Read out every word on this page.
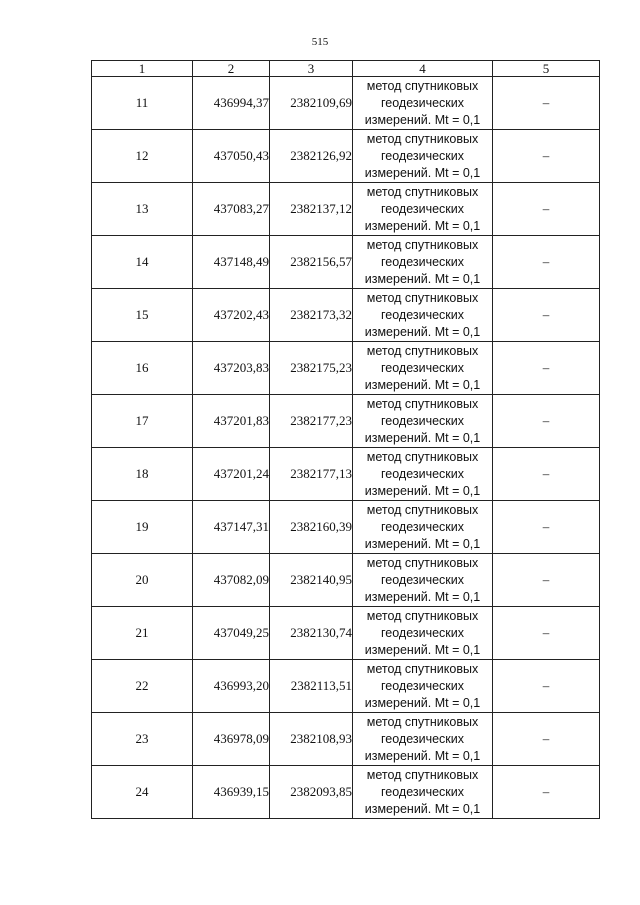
515
1	2	3	4	5
11	436994,37	2382109,69	метод спутниковых
геодезических
измерений. Mt = 0,1	–
12	437050,43	2382126,92	метод спутниковых
геодезических
измерений. Mt = 0,1	–
13	437083,27	2382137,12	метод спутниковых
геодезических
измерений. Mt = 0,1	–
14	437148,49	2382156,57	метод спутниковых
геодезических
измерений. Mt = 0,1	–
15	437202,43	2382173,32	метод спутниковых
геодезических
измерений. Mt = 0,1	–
16	437203,83	2382175,23	метод спутниковых
геодезических
измерений. Mt = 0,1	–
17	437201,83	2382177,23	метод спутниковых
геодезических
измерений. Mt = 0,1	–
18	437201,24	2382177,13	метод спутниковых
геодезических
измерений. Mt = 0,1	–
19	437147,31	2382160,39	метод спутниковых
геодезических
измерений. Mt = 0,1	–
20	437082,09	2382140,95	метод спутниковых
геодезических
измерений. Mt = 0,1	–
21	437049,25	2382130,74	метод спутниковых
геодезических
измерений. Mt = 0,1	–
22	436993,20	2382113,51	метод спутниковых
геодезических
измерений. Mt = 0,1	–
23	436978,09	2382108,93	метод спутниковых
геодезических
измерений. Mt = 0,1	–
24	436939,15	2382093,85	метод спутниковых
геодезических
измерений. Mt = 0,1	–
